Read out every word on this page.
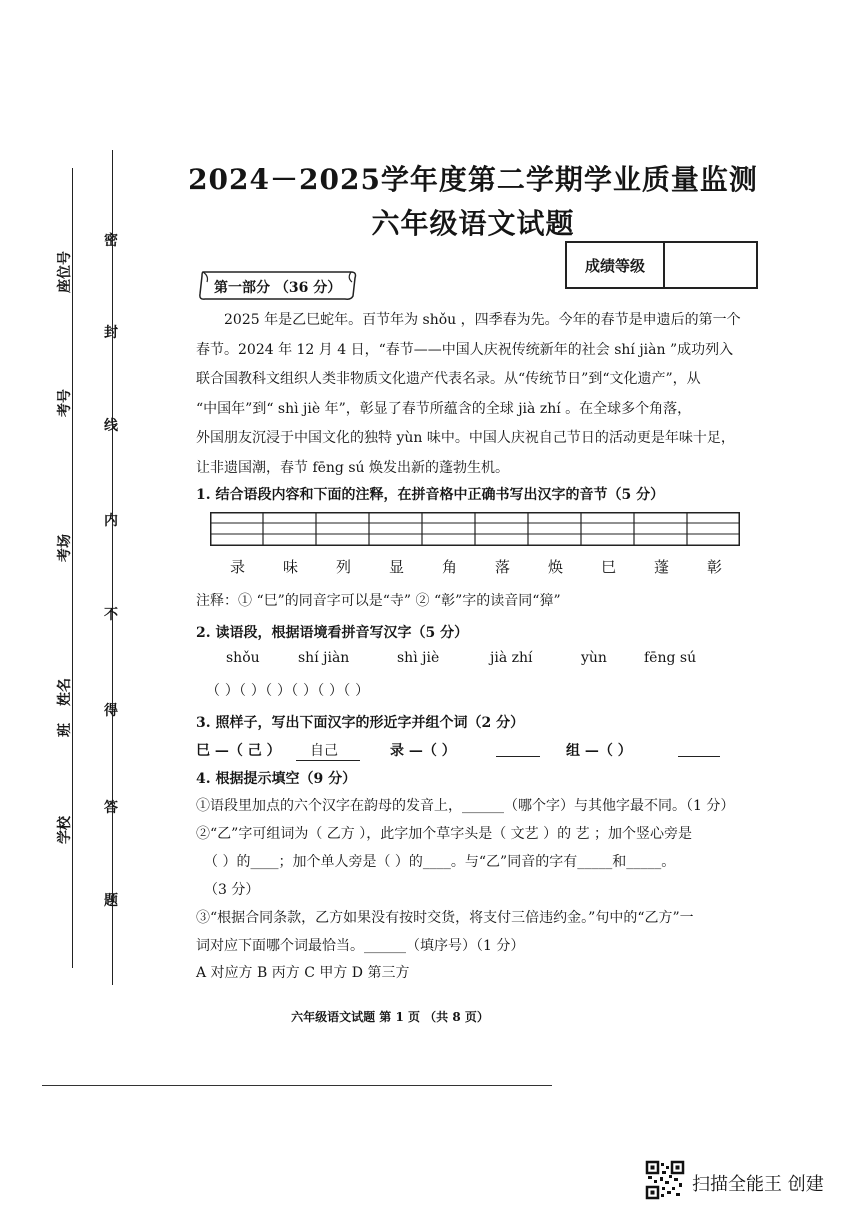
座位号
考号
考场
姓名
班
学校
密
封
线
内
不
得
答
题
2024－2025学年度第二学期学业质量监测
六年级语文试题
成绩等级
第一部分 （36 分）
2025 年是乙巳蛇年。百节年为 shǒu ，四季春为先。今年的春节是申遗后的第一个
春节。2024 年 12 月 4 日，“春节——中国人庆祝传统新年的社会 shí jiàn ”成功列入
联合国教科文组织人类非物质文化遗产代表名录。从“传统节日”到“文化遗产”，从
“中国年”到“ shì jiè 年”，彰显了春节所蕴含的全球 jià zhí 。在全球多个角落，
外国朋友沉浸于中国文化的独特 yùn 味中。中国人庆祝自己节日的活动更是年味十足，
让非遗国潮，春节 fēng sú 焕发出新的蓬勃生机。
1. 结合语段内容和下面的注释，在拼音格中正确书写出汉字的音节（5 分）
录	味	列	显	角	落	焕	巳	蓬	彰
注释：① “巳”的同音字可以是“寺” ② “彰”字的读音同“獐”
2. 读语段，根据语境看拼音写汉字（5 分）
shǒu	shí jiàn	shì jiè	jià zhí	yùn	fēng sú
（ ）（ ）（ ）（ ）（ ）（ ）
3. 照样子，写出下面汉字的形近字并组个词（2 分）
巳 —（ 己 ）	自己	录 —（ ）	组 —（ ）
4. 根据提示填空（9 分）
①语段里加点的六个汉字在韵母的发音上，______（哪个字）与其他字最不同。（1 分）
②“乙”字可组词为（ 乙方 ），此字加个草字头是（ 文艺 ）的 艺 ；加个竖心旁是
（ ）的____；加个单人旁是（ ）的____。与“乙”同音的字有_____和_____。
（3 分）
③“根据合同条款，乙方如果没有按时交货，将支付三倍违约金。”句中的“乙方”一
词对应下面哪个词最恰当。______（填序号）（1 分）
A 对应方 B 丙方 C 甲方 D 第三方
六年级语文试题 第 1 页 （共 8 页）
扫描全能王 创建
